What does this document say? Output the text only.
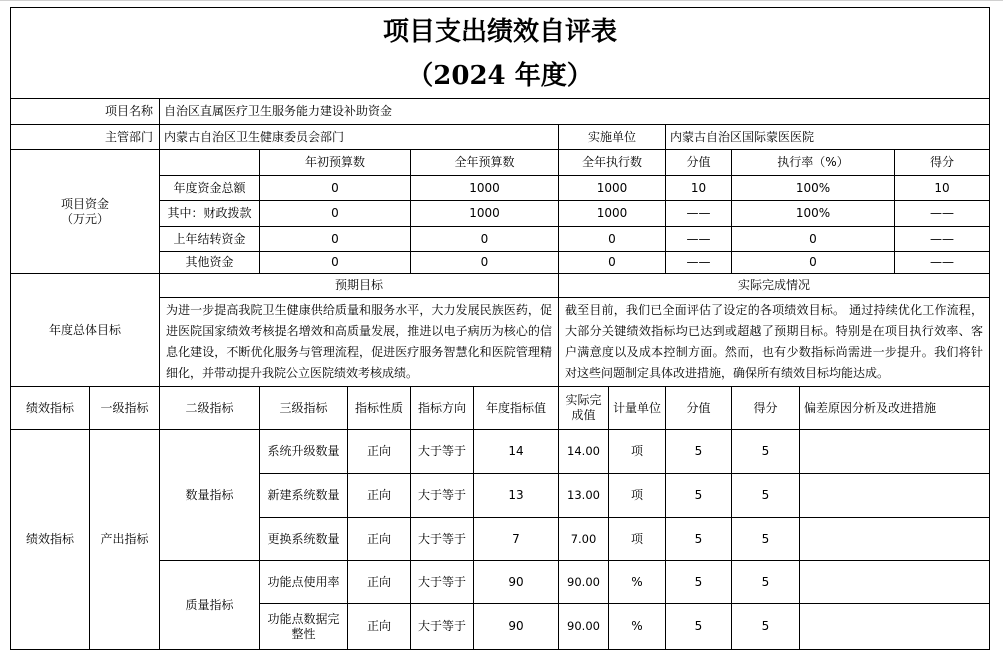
项目支出绩效自评表
（2024 年度）												

项目名称		自治区直属医疗卫生服务能力建设补助资金										
主管部门		内蒙古自治区卫生健康委员会部门					实施单位		内蒙古自治区国际蒙医医院			

项目资金
（万元）			年初预算数		全年预算数		全年执行数		分值	执行率（%）		得分
		年度资金总额	0		1000		1000		10	100%		10
		其中：财政拨款	0		1000		1000		——	100%		——
		上年结转资金	0		0		0		——	0		——
		其他资金	0		0		0		——	0		——
年度总体目标		预期目标					实际完成情况					
		为进一步提高我院卫生健康供给质量和服务水平，大力发展民族医药，促进医院国家绩效考核提名增效和高质量发展，推进以电子病历为核心的信息化建设，不断优化服务与管理流程，促进医疗服务智慧化和医院管理精细化，并带动提升我院公立医院绩效考核成绩。					截至目前，我们已全面评估了设定的各项绩效目标。 通过持续优化工作流程，大部分关键绩效指标均已达到或超越了预期目标。特别是在项目执行效率、客户满意度以及成本控制方面。然而，也有少数指标尚需进一步提升。我们将针对这些问题制定具体改进措施，确保所有绩效目标均能达成。					
绩效指标	一级指标	二级指标	三级指标	指标性质	指标方向	年度指标值	实际完成值	计量单位	分值	得分	偏差原因分析及改进措施	
绩效指标	产出指标	数量指标	系统升级数量	正向	大于等于	14	14.00	项	5	5		
			新建系统数量	正向	大于等于	13	13.00	项	5	5		
			更换系统数量	正向	大于等于	7	7.00	项	5	5		
		质量指标	功能点使用率	正向	大于等于	90	90.00	%	5	5		
			功能点数据完整性	正向	大于等于	90	90.00	%	5	5		
